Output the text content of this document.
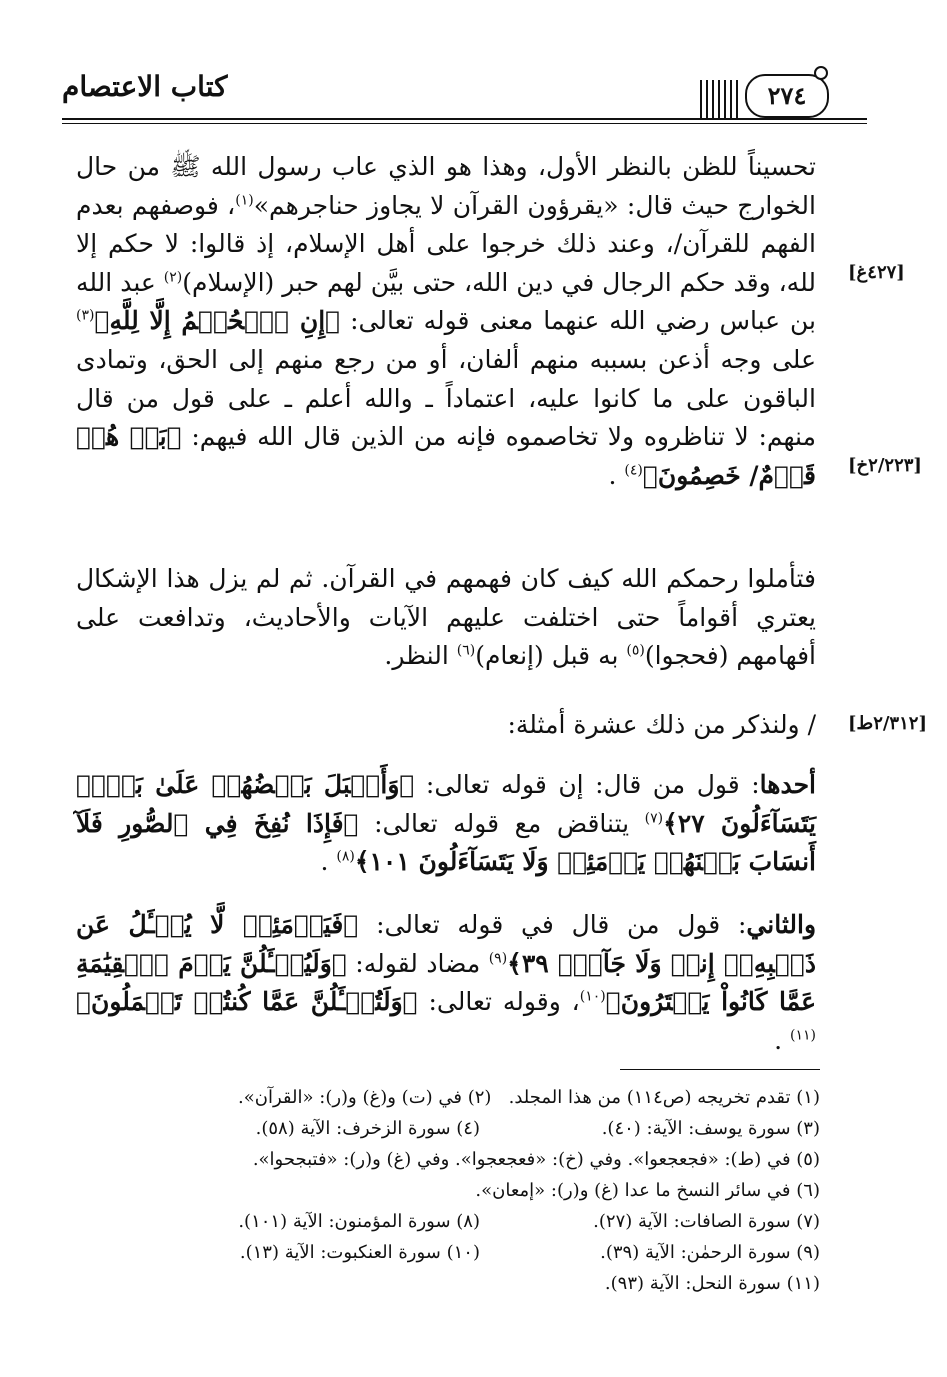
كتاب الاعتصام	٢٧٤
[٤٢٧غ]
[٢/٢٢٣خ]
[٢/٣١٢ط]
تحسيناً للظن بالنظر الأول، وهذا هو الذي عاب رسول الله ﷺ من حال الخوارج حيث قال: «يقرؤون القرآن لا يجاوز حناجرهم»$^{(١)}$، فوصفهم بعدم الفهم للقرآن/، وعند ذلك خرجوا على أهل الإسلام، إذ قالوا: لا حكم إلا لله، وقد حكم الرجال في دين الله، حتى بيَّن لهم حبر (الإسلام)$^{(٢)}$ عبد الله بن عباس رضي الله عنهما معنى قوله تعالى: ﴿إِنِ ٱلۡحُكۡمُ إِلَّا لِلَّهِ﴾$^{(٣)}$ على وجه أذعن بسببه منهم ألفان، أو من رجع منهم إلى الحق، وتمادى الباقون على ما كانوا عليه، اعتماداً ـ والله أعلم ـ على قول من قال منهم: لا تناظروه ولا تخاصموه فإنه من الذين قال الله فيهم: ﴿بَلۡ هُمۡ قَوۡمٌ/ خَصِمُونَ﴾$^{(٤)}$ .
فتأملوا رحمكم الله كيف كان فهمهم في القرآن. ثم لم يزل هذا الإشكال يعتري أقواماً حتى اختلفت عليهم الآيات والأحاديث، وتدافعت على أفهامهم (فحجوا)$^{(٥)}$ به قبل (إنعام)$^{(٦)}$ النظر.
/ ولنذكر من ذلك عشرة أمثلة:
أحدها: قول من قال: إن قوله تعالى: ﴿وَأَقۡبَلَ بَعۡضُهُمۡ عَلَىٰ بَعۡضٖ يَتَسَآءَلُونَ ٢٧﴾$^{(٧)}$ يتناقض مع قوله تعالى: ﴿فَإِذَا نُفِخَ فِي ٱلصُّورِ فَلَآ أَنسَابَ بَيۡنَهُمۡ يَوۡمَئِذٖ وَلَا يَتَسَآءَلُونَ ١٠١﴾$^{(٨)}$ .
والثاني: قول من قال في قوله تعالى: ﴿فَيَوۡمَئِذٖ لَّا يُسۡـَٔلُ عَن ذَنۢبِهِۦٓ إِنسٞ وَلَا جَآنّٞ ٣٩﴾$^{(٩)}$ مضاد لقوله: ﴿وَلَيُسۡـَٔلُنَّ يَوۡمَ ٱلۡقِيَٰمَةِ عَمَّا كَانُواْ يَفۡتَرُونَ﴾$^{(١٠)}$، وقوله تعالى: ﴿وَلَتُسۡـَٔلُنَّ عَمَّا كُنتُمۡ تَعۡمَلُونَ﴾$^{(١١)}$ .
(١) تقدم تخريجه (ص١١٤) من هذا المجلد.

(٢) في (ت) و(غ) و(ر): «القرآن».
(٣) سورة يوسف: الآية: (٤٠).
(٤) سورة الزخرف: الآية (٥٨).
(٥) في (ط): «فجعجعوا». وفي (خ): «فعجعجوا». وفي (غ) و(ر): «فتبجحوا».
(٦) في سائر النسخ ما عدا (غ) و(ر): «إمعان».
(٧) سورة الصافات: الآية (٢٧).
(٨) سورة المؤمنون: الآية (١٠١).
(٩) سورة الرحمٰن: الآية (٣٩).
(١٠) سورة العنكبوت: الآية (١٣).
(١١) سورة النحل: الآية (٩٣).
